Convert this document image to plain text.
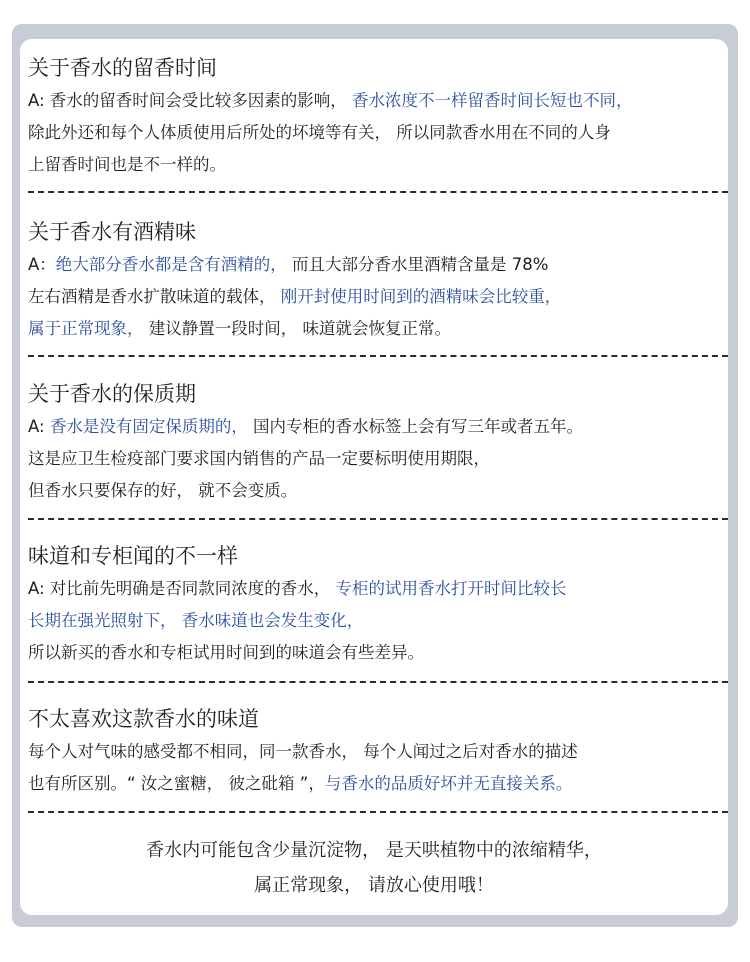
关于香水的留香时间
A: 香水的留香时间会受比较多因素的影响， 香水浓度不一样留香时间长短也不同，
除此外还和每个人体质使用后所处的坏境等有关， 所以同款香水用在不同的人身
上留香时间也是不一样的。
关于香水有酒精味
A：绝大部分香水都是含有酒精的， 而且大部分香水里酒精含量是 78%
左右酒精是香水扩散味道的载体， 刚开封使用时间到的酒精味会比较重，
属于正常现象， 建议静置一段时间， 味道就会恢复正常。
关于香水的保质期
A: 香水是没有固定保质期的， 国内专柜的香水标签上会有写三年或者五年。
这是应卫生检疫部门要求国内销售的产品一定要标明使用期限，
但香水只要保存的好， 就不会变质。
味道和专柜闻的不一样
A: 对比前先明确是否同款同浓度的香水， 专柜的试用香水打开时间比较长
长期在强光照射下， 香水味道也会发生变化，
所以新买的香水和专柜试用时间到的味道会有些差异。
不太喜欢这款香水的味道
每个人对气味的感受都不相同，同一款香水， 每个人闻过之后对香水的描述
也有所区别。“ 汝之蜜糖， 彼之砒箱 ”，与香水的品质好坏并无直接关系。
香水内可能包含少量沉淀物， 是天哄植物中的浓缩精华，
属正常现象， 请放心使用哦！
